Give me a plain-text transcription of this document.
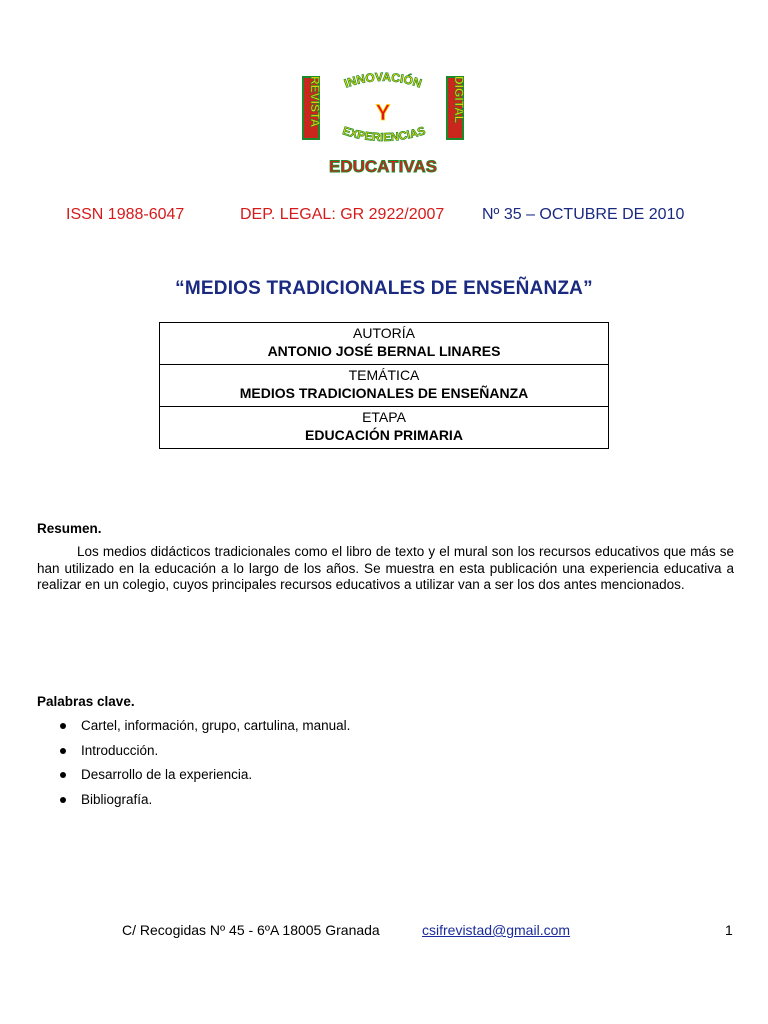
REVISTA	DIGITAL
INNOVACIÓN
Y
EXPERIENCIAS
EDUCATIVAS
ISSN 1988-6047	DEP. LEGAL: GR 2922/2007 Nº 35 – OCTUBRE DE 2010
“MEDIOS TRADICIONALES DE ENSEÑANZA”
AUTORÍA
ANTONIO JOSÉ BERNAL LINARES

TEMÁTICA
MEDIOS TRADICIONALES DE ENSEÑANZA

ETAPA
EDUCACIÓN PRIMARIA
Resumen.

Los medios didácticos tradicionales como el libro de texto y el mural son los recursos educativos que más se han utilizado en la educación a lo largo de los años. Se muestra en esta publicación una experiencia educativa a realizar en un colegio, cuyos principales recursos educativos a utilizar van a ser los dos antes mencionados.

Palabras clave.
Cartel, información, grupo, cartulina, manual.
Introducción.
Desarrollo de la experiencia.
Bibliografía.
C/ Recogidas Nº 45 - 6ºA 18005 Granada	csifrevistad@gmail.com	1
